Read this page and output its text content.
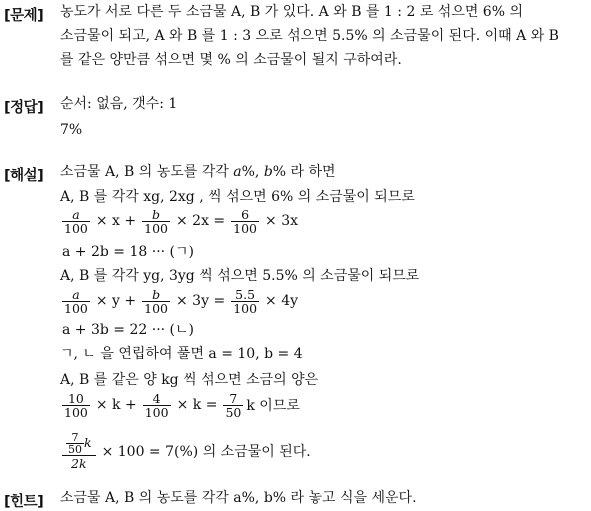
[문제] 농도가 서로 다른 두 소금물 A, B 가 있다. A 와 B 를 1 : 2 로 섞으면 6% 의
소금물이 되고, A 와 B 를 1 : 3 으로 섞으면 5.5% 의 소금물이 된다. 이때 A 와 B
를 같은 양만큼 섞으면 몇 % 의 소금물이 될지 구하여라.
[정답] 순서: 없음, 갯수: 1
7%
[해설] 소금물 A, B 의 농도를 각각 a%, b% 라 하면
A, B 를 각각 xg, 2xg , 씩 섞으면 6% 의 소금물이 되므로
$\frac{a}{100} \times x + \frac{b}{100} \times 2x = \frac{6}{100} \times 3x$
a + 2b = 18 ··· (ㄱ)
A, B 를 각각 yg, 3yg 씩 섞으면 5.5% 의 소금물이 되므로
$\frac{a}{100} \times y + \frac{b}{100} \times 3y = \frac{5.5}{100} \times 4y$
a + 3b = 22 ··· (ㄴ)
ㄱ, ㄴ 을 연립하여 풀면 a = 10, b = 4
A, B 를 같은 양 kg 씩 섞으면 소금의 양은
$\frac{10}{100} \times k + \frac{4}{100} \times k = \frac{7}{50}$ k 이므로
$\frac{\frac{7}{50} k}{2k} \times 100 = 7(\%)$ 의 소금물이 된다.
[힌트] 소금물 A, B 의 농도를 각각 a%, b% 라 놓고 식을 세운다.
